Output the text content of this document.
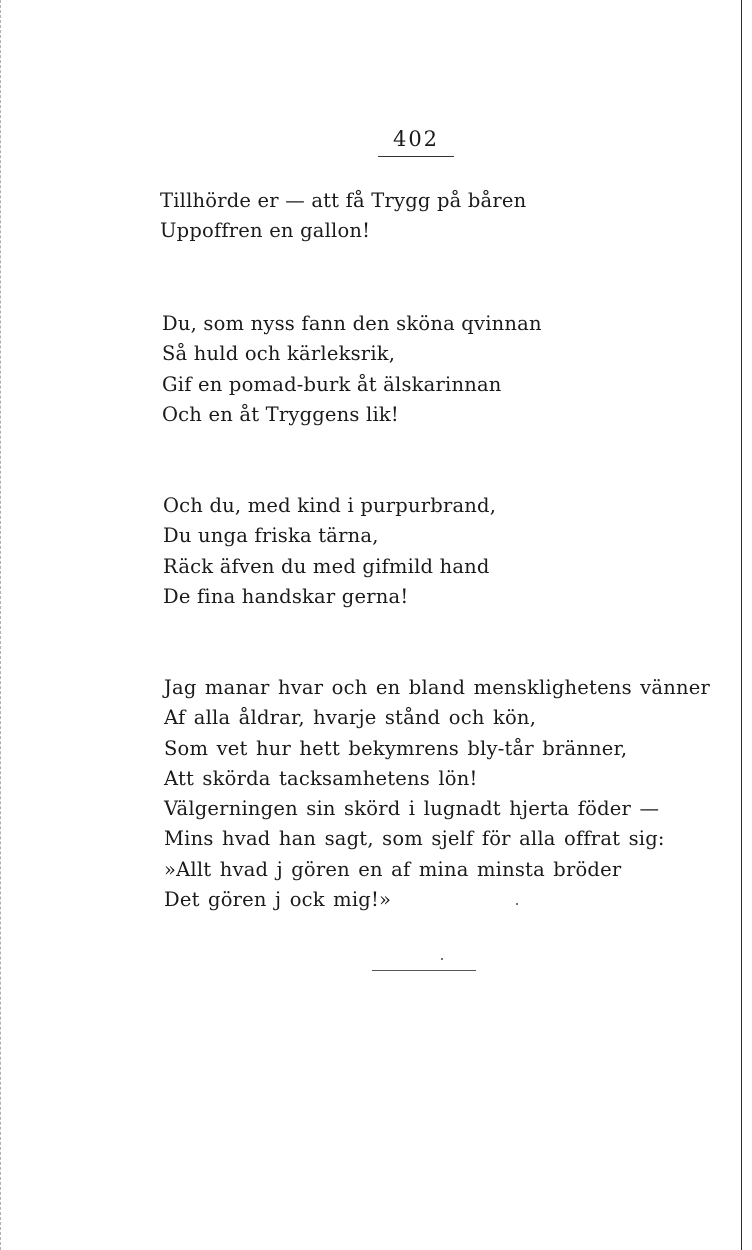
402
Tillhörde er — att få Trygg på båren
Uppoffren en gallon!
Du, som nyss fann den sköna qvinnan
Så huld och kärleksrik,
Gif en pomad-burk åt älskarinnan
Och en åt Tryggens lik!
Och du, med kind i purpurbrand,
Du unga friska tärna,
Räck äfven du med gifmild hand
De fina handskar gerna!
Jag manar hvar och en bland mensklighetens vänner
Af alla åldrar, hvarje stånd och kön,
Som vet hur hett bekymrens bly-tår bränner,
Att skörda tacksamhetens lön!
Välgerningen sin skörd i lugnadt hjerta föder —
Mins hvad han sagt, som sjelf för alla offrat sig:
»Allt hvad j gören en af mina minsta bröder
Det gören j ock mig!»
